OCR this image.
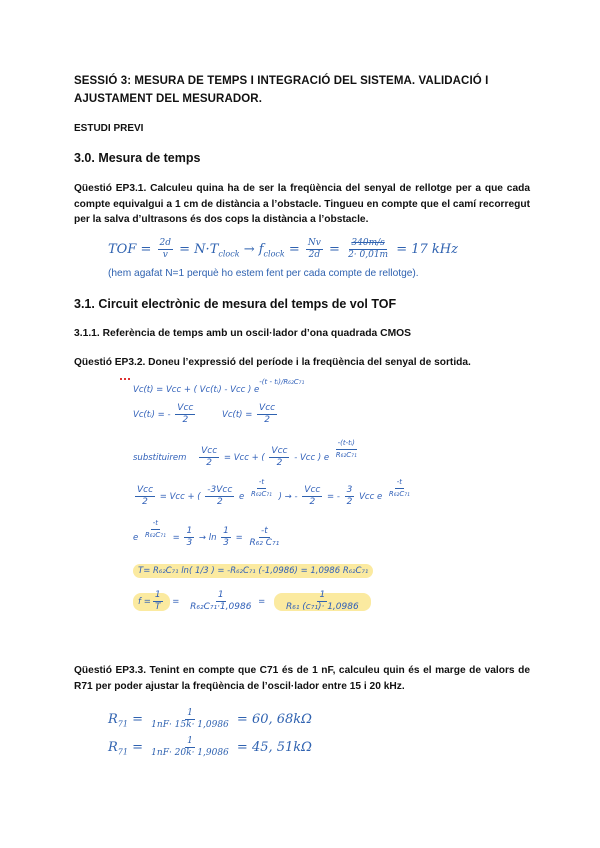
SESSIÓ 3: MESURA DE TEMPS I INTEGRACIÓ DEL SISTEMA. VALIDACIÓ I
AJUSTAMENT DEL MESURADOR.
ESTUDI PREVI
3.0. Mesura de temps
Qüestió EP3.1. Calculeu quina ha de ser la freqüència del senyal de rellotge per a que cada compte equivalgui a 1 cm de distància a l’obstacle. Tingueu en compte que el camí recorregut per la salva d’ultrasons és dos cops la distància a l’obstacle.
TOF = $\frac{2d}{v} = N\cdot T_{clock} \to f_{clock} = \frac{Nv}{2d} = \frac{340m/s}{2\cdot 0,01m} = 17$ kHz
(hem agafat N=1 perquè ho estem fent per cada compte de rellotge).
3.1. Circuit electrònic de mesura del temps de vol TOF
3.1.1. Referència de temps amb un oscil·lador d’ona quadrada CMOS
Qüestió EP3.2. Doneu l’expressió del període i la freqüència del senyal de sortida.
Vc(t) = Vcc + ( Vc(tᵢ) - Vcc ) $e^{-(t - tᵢ)/R_{62}C_{71}}$
Vc(tᵢ) = - $\frac{\text{Vcc}}{2}$	$Vc(t) = \frac{\text{Vcc}}{2}$
substituirem $\frac{\text{Vcc}}{2}$ = Vcc + ( $\frac{\text{Vcc}}{2}$ - Vcc ) e $\frac{\text{-(t-tᵢ)}}{\text{R₆₂C₇₁}}$
$\frac{\text{Vcc}}{2}$ = Vcc + ( $\frac{\text{-3Vcc}}{2}$ e $\frac{-t}{\text{R₆₂C₇₁}}$ ) → - $\frac{\text{Vcc}}{2}$ = - $\frac{3}{2}$ Vcc e $\frac{-t}{\text{R₆₂C₇₁}}$
e $\frac{-t}{\text{R₆₂C₇₁}} = \frac{1}{3} \to \ln \frac{1}{3} = \frac{-t}{\text{R₆₂ C₇₁}}$
T= R₆₂C₇₁ ln( 1/3 ) = -R₆₂C₇₁ (-1,0986) = 1,0986 R₆₂C₇₁
$f = \frac{1}{T} = \frac{1}{\text{R₆₂C₇₁·1,0986}} = \frac{1}{\text{R₆₁ (c₇₁)· 1,0986}}$
Qüestió EP3.3. Tenint en compte que C71 és de 1 nF, calculeu quin és el marge de valors de R71 per poder ajustar la freqüència de l’oscil·lador entre 15 i 20 kHz.
$R_{71} = \frac{1}{1nF\cdot 15k\cdot 1,0986} = 60$, 68kΩ
$R_{71} = \frac{1}{1nF\cdot 20k\cdot 1,9086} = 45$, 51kΩ
